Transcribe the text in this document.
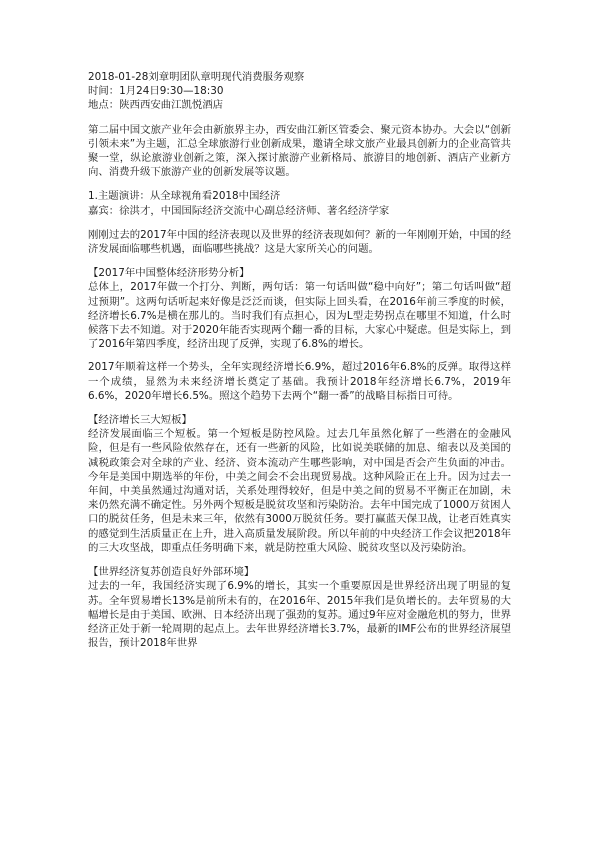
2018-01-28刘章明团队章明现代消费服务观察
时间：1月24日9:30—18:30
地点：陕西西安曲江凯悦酒店

第二届中国文旅产业年会由新旅界主办，西安曲江新区管委会、聚元资本协办。大会以“创新引领未来”为主题，汇总全球旅游行业创新成果，邀请全球文旅产业最具创新力的企业高管共聚一堂，纵论旅游业创新之策，深入探讨旅游产业新格局、旅游目的地创新、酒店产业新方向、消费升级下旅游产业的创新发展等议题。

1.主题演讲：从全球视角看2018中国经济
嘉宾：徐洪才，中国国际经济交流中心副总经济师、著名经济学家

刚刚过去的2017年中国的经济表现以及世界的经济表现如何？新的一年刚刚开始，中国的经济发展面临哪些机遇，面临哪些挑战？这是大家所关心的问题。

【2017年中国整体经济形势分析】

总体上，2017年做一个打分、判断，两句话：第一句话叫做“稳中向好”；第二句话叫做“超过预期”。这两句话听起来好像是泛泛而谈，但实际上回头看，在2016年前三季度的时候，经济增长6.7%是横在那儿的。当时我们有点担心，因为L型走势拐点在哪里不知道，什么时候落下去不知道。对于2020年能否实现两个翻一番的目标，大家心中疑虑。但是实际上，到了2016年第四季度，经济出现了反弹，实现了6.8%的增长。

2017年顺着这样一个势头，全年实现经济增长6.9%，超过2016年6.8%的反弹。取得这样一个成绩，显然为未来经济增长奠定了基础。我预计2018年经济增长6.7%，2019年6.6%，2020年增长6.5%。照这个趋势下去两个“翻一番”的战略目标指日可待。

【经济增长三大短板】

经济发展面临三个短板。第一个短板是防控风险。过去几年虽然化解了一些潜在的金融风险，但是有一些风险依然存在，还有一些新的风险，比如说美联储的加息、缩表以及美国的减税政策会对全球的产业、经济、资本流动产生哪些影响，对中国是否会产生负面的冲击。今年是美国中期选举的年份，中美之间会不会出现贸易战。这种风险正在上升。因为过去一年间，中美虽然通过沟通对话，关系处理得较好，但是中美之间的贸易不平衡正在加剧，未来仍然充满不确定性。另外两个短板是脱贫攻坚和污染防治。去年中国完成了1000万贫困人口的脱贫任务，但是未来三年，依然有3000万脱贫任务。要打赢蓝天保卫战，让老百姓真实的感觉到生活质量正在上升，进入高质量发展阶段。所以年前的中央经济工作会议把2018年的三大攻坚战，即重点任务明确下来，就是防控重大风险、脱贫攻坚以及污染防治。

【世界经济复苏创造良好外部环境】

过去的一年，我国经济实现了6.9%的增长，其实一个重要原因是世界经济出现了明显的复苏。全年贸易增长13%是前所未有的，在2016年、2015年我们是负增长的。去年贸易的大幅增长是由于美国、欧洲、日本经济出现了强劲的复苏。通过9年应对金融危机的努力，世界经济正处于新一轮周期的起点上。去年世界经济增长3.7%，最新的IMF公布的世界经济展望报告，预计2018年世界
